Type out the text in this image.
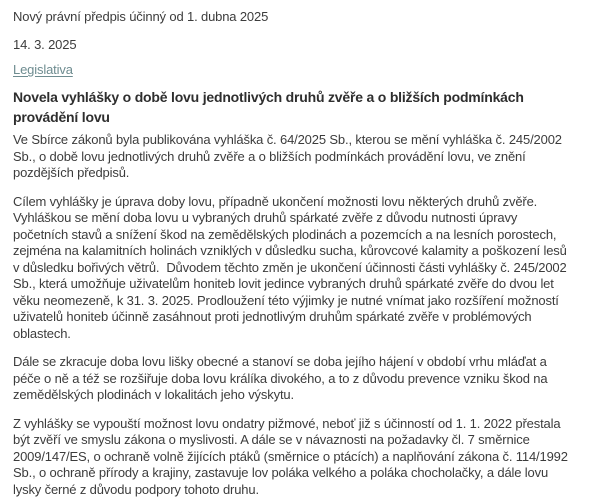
Nový právní předpis účinný od 1. dubna 2025

14. 3. 2025

Legislativa
Novela vyhlášky o době lovu jednotlivých druhů zvěře a o bližších podmínkách provádění lovu

Ve Sbírce zákonů byla publikována vyhláška č. 64/2025 Sb., kterou se mění vyhláška č. 245/2002 Sb., o době lovu jednotlivých druhů zvěře a o bližších podmínkách provádění lovu, ve znění pozdějších předpisů.

Cílem vyhlášky je úprava doby lovu, případně ukončení možnosti lovu některých druhů zvěře. Vyhláškou se mění doba lovu u vybraných druhů spárkaté zvěře z důvodu nutnosti úpravy početních stavů a snížení škod na zemědělských plodinách a pozemcích a na lesních porostech, zejména na kalamitních holinách vzniklých v důsledku sucha, kůrovcové kalamity a poškození lesů v důsledku bořivých větrů.  Důvodem těchto změn je ukončení účinnosti části vyhlášky č. 245/2002 Sb., která umožňuje uživatelům honiteb lovit jedince vybraných druhů spárkaté zvěře do dvou let věku neomezeně, k 31. 3. 2025. Prodloužení této výjimky je nutné vnímat jako rozšíření možností uživatelů honiteb účinně zasáhnout proti jednotlivým druhům spárkaté zvěře v problémových oblastech.

Dále se zkracuje doba lovu lišky obecné a stanoví se doba jejího hájení v období vrhu mláďat a péče o ně a též se rozšiřuje doba lovu králíka divokého, a to z důvodu prevence vzniku škod na zemědělských plodinách v lokalitách jeho výskytu.

Z vyhlášky se vypouští možnost lovu ondatry pižmové, neboť již s účinností od 1. 1. 2022 přestala být zvěří ve smyslu zákona o myslivosti. A dále se v návaznosti na požadavky čl. 7 směrnice 2009/147/ES, o ochraně volně žijících ptáků (směrnice o ptácích) a naplňování zákona č. 114/1992 Sb., o ochraně přírody a krajiny, zastavuje lov poláka velkého a poláka chocholačky, a dále lovu lysky černé z důvodu podpory tohoto druhu.
